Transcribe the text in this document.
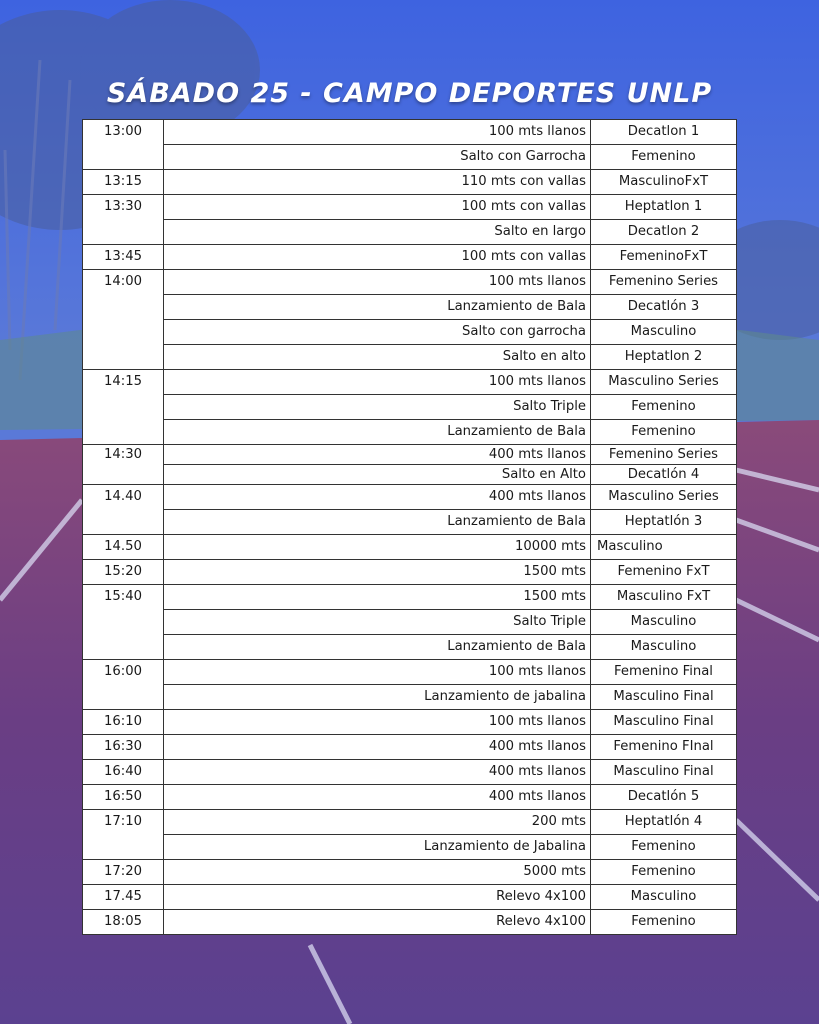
SÁBADO 25 - CAMPO DEPORTES UNLP
13:00	100 mts llanos	Decatlon 1
	Salto con Garrocha	Femenino
13:15	110 mts con vallas	MasculinoFxT
13:30	100 mts con vallas	Heptatlon 1
	Salto en largo	Decatlon 2
13:45	100 mts con vallas	FemeninoFxT
14:00	100 mts llanos	Femenino Series
	Lanzamiento de Bala	Decatlón 3
	Salto con garrocha	Masculino
	Salto en alto	Heptatlon 2
14:15	100 mts llanos	Masculino Series
	Salto Triple	Femenino
	Lanzamiento de Bala	Femenino
14:30	400 mts llanos	Femenino Series
	Salto en Alto	Decatlón 4
14.40	400 mts llanos	Masculino Series
	Lanzamiento de Bala	Heptatlón 3
14.50	10000 mts	Masculino
15:20	1500 mts	Femenino FxT
15:40	1500 mts	Masculino FxT
	Salto Triple	Masculino
	Lanzamiento de Bala	Masculino
16:00	100 mts llanos	Femenino Final
	Lanzamiento de jabalina	Masculino Final
16:10	100 mts llanos	Masculino Final
16:30	400 mts llanos	Femenino FInal
16:40	400 mts llanos	Masculino Final
16:50	400 mts llanos	Decatlón 5
17:10	200 mts	Heptatlón 4
	Lanzamiento de Jabalina	Femenino
17:20	5000 mts	Femenino
17.45	Relevo 4x100	Masculino
18:05	Relevo 4x100	Femenino
